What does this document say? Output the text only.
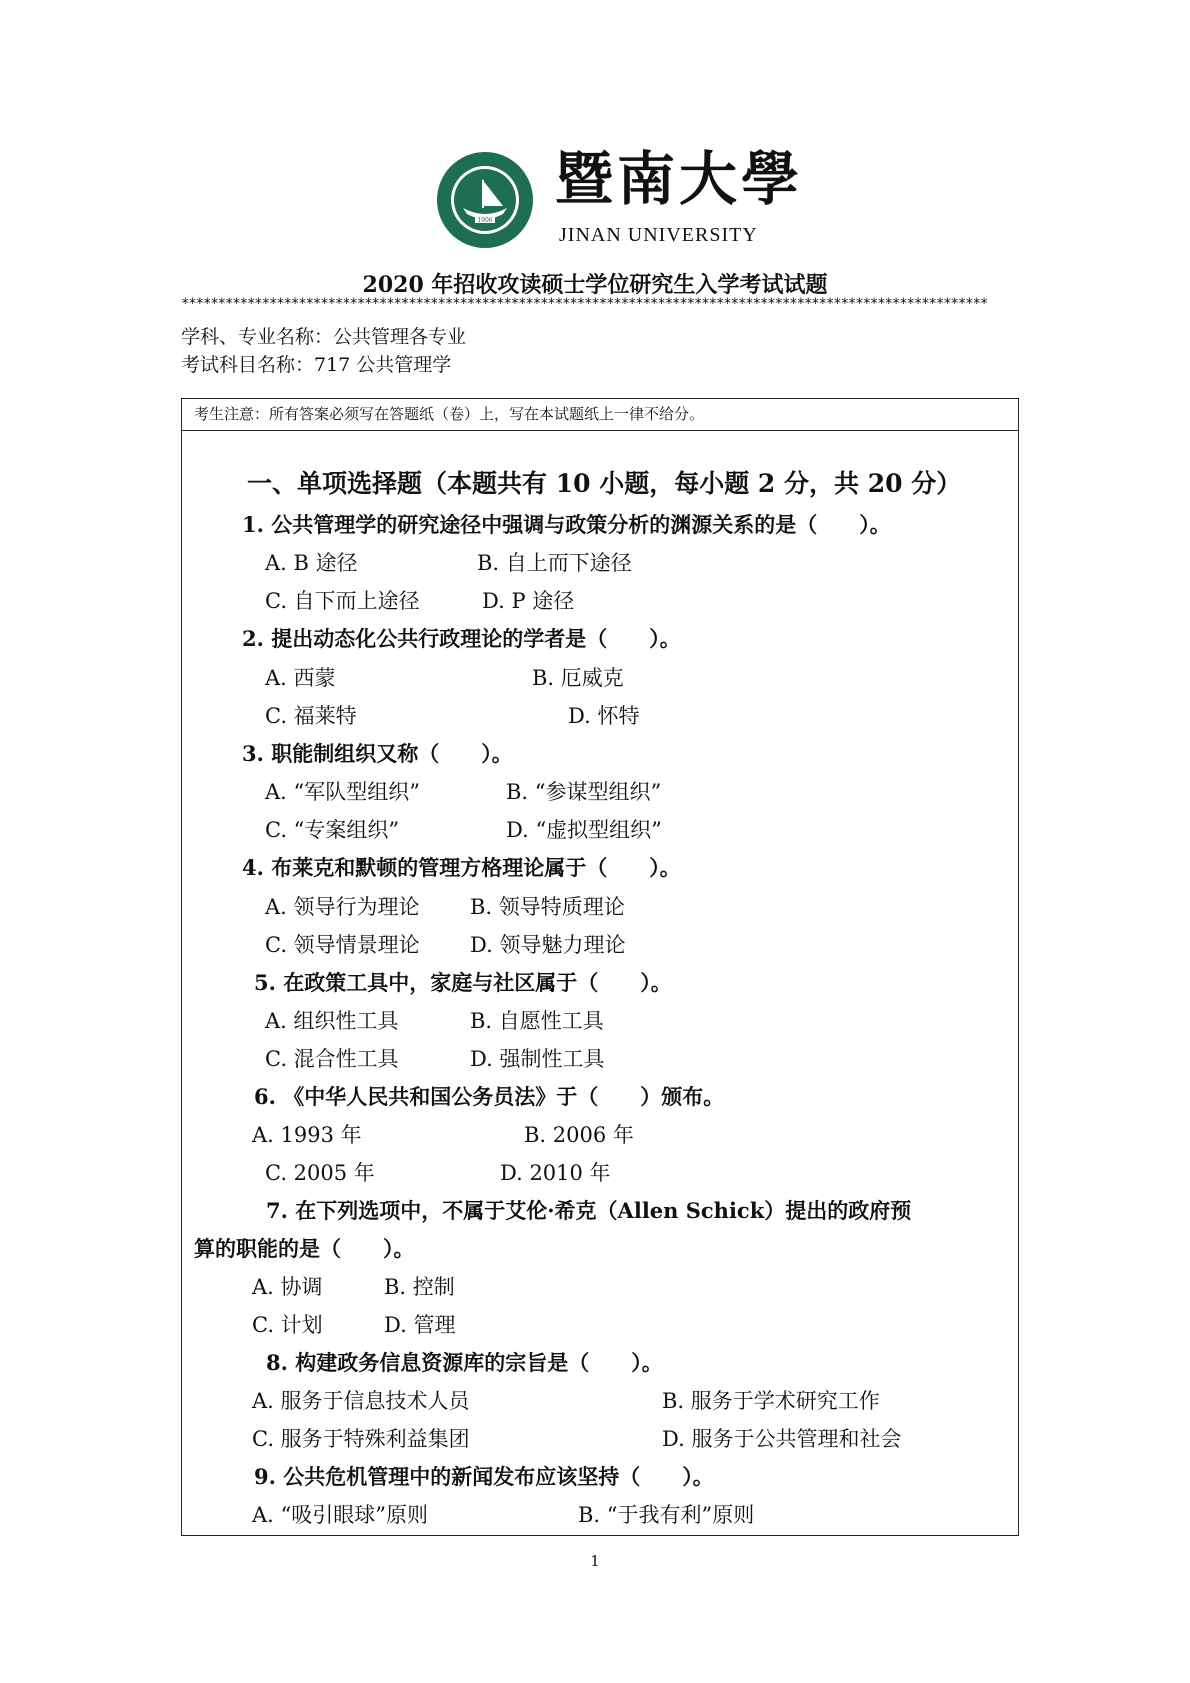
1906
暨南大學
JINAN UNIVERSITY
2020 年招收攻读硕士学位研究生入学考试试题
**************************************************************************************************************
学科、专业名称：公共管理各专业
考试科目名称：717 公共管理学
考生注意：所有答案必须写在答题纸（卷）上，写在本试题纸上一律不给分。
一、单项选择题（本题共有 10 小题，每小题 2 分，共 20 分）
1. 公共管理学的研究途径中强调与政策分析的渊源关系的是（　　）。
A. B 途径	B. 自上而下途径
C. 自下而上途径	D. P 途径
2. 提出动态化公共行政理论的学者是（　　）。
A. 西蒙	B. 厄威克
C. 福莱特	D. 怀特
3. 职能制组织又称（　　）。
A. “军队型组织”	B. “参谋型组织”
C. “专案组织”	D. “虚拟型组织”
4. 布莱克和默顿的管理方格理论属于（　　）。
A. 领导行为理论 B. 领导特质理论
C. 领导情景理论 D. 领导魅力理论
5. 在政策工具中，家庭与社区属于（　　）。
A. 组织性工具	B. 自愿性工具
C. 混合性工具	D. 强制性工具
6. 《中华人民共和国公务员法》于（　　）颁布。
A. 1993 年	B. 2006 年
C. 2005 年	D. 2010 年
7. 在下列选项中，不属于艾伦·希克（Allen Schick）提出的政府预
算的职能的是（　　）。
A. 协调	B. 控制
C. 计划	D. 管理
8. 构建政务信息资源库的宗旨是（　　）。
A. 服务于信息技术人员	B. 服务于学术研究工作
C. 服务于特殊利益集团	D. 服务于公共管理和社会
9. 公共危机管理中的新闻发布应该坚持（　　）。
A. “吸引眼球”原则	B. “于我有利”原则
1
